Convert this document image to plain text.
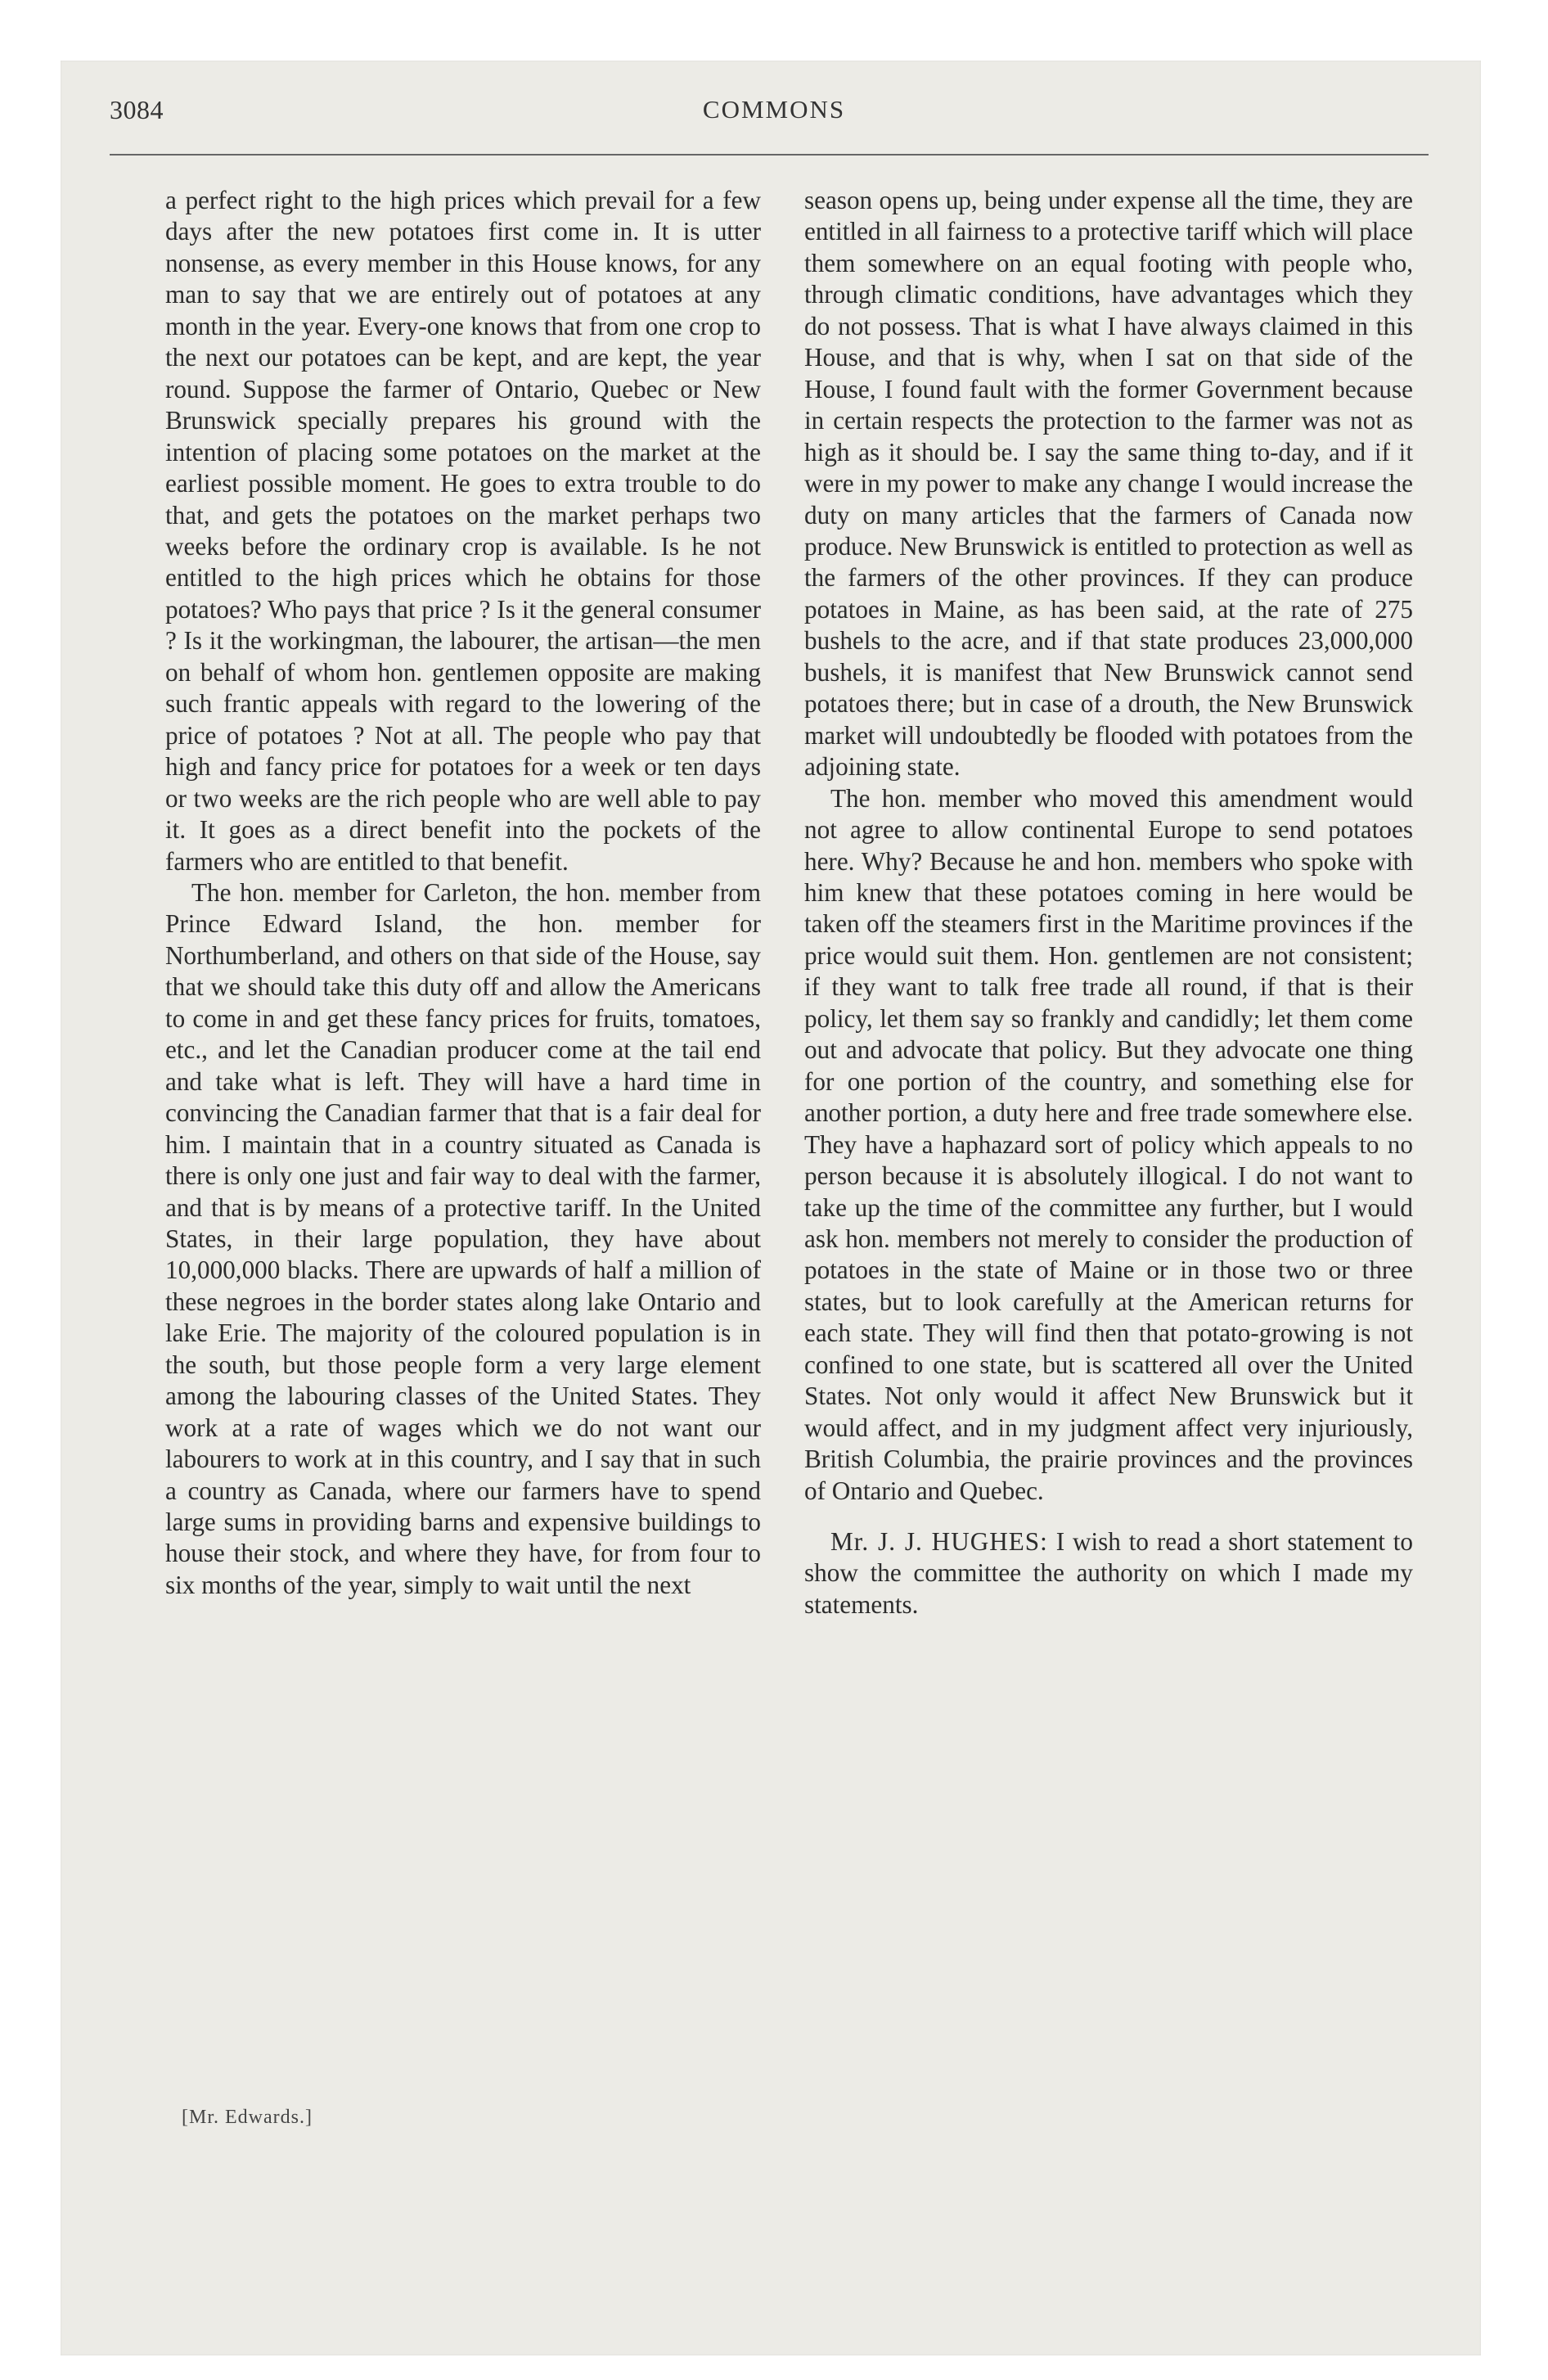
3084	COMMONS

a perfect right to the high prices which prevail for a few days after the new potatoes first come in. It is utter nonsense, as every member in this House knows, for any man to say that we are entirely out of potatoes at any month in the year. Every-one knows that from one crop to the next our potatoes can be kept, and are kept, the year round. Suppose the farmer of Ontario, Quebec or New Brunswick specially prepares his ground with the intention of placing some potatoes on the market at the earliest possible moment. He goes to extra trouble to do that, and gets the potatoes on the market perhaps two weeks before the ordinary crop is available. Is he not entitled to the high prices which he obtains for those potatoes? Who pays that price ? Is it the general consumer ? Is it the workingman, the labourer, the artisan—the men on behalf of whom hon. gentlemen opposite are making such frantic appeals with regard to the lowering of the price of potatoes ? Not at all. The people who pay that high and fancy price for potatoes for a week or ten days or two weeks are the rich people who are well able to pay it. It goes as a direct benefit into the pockets of the farmers who are entitled to that benefit.

The hon. member for Carleton, the hon. member from Prince Edward Island, the hon. member for Northumberland, and others on that side of the House, say that we should take this duty off and allow the Americans to come in and get these fancy prices for fruits, tomatoes, etc., and let the Canadian producer come at the tail end and take what is left. They will have a hard time in convincing the Canadian farmer that that is a fair deal for him. I maintain that in a country situated as Canada is there is only one just and fair way to deal with the farmer, and that is by means of a protective tariff. In the United States, in their large population, they have about 10,000,000 blacks. There are upwards of half a million of these negroes in the border states along lake Ontario and lake Erie. The majority of the coloured population is in the south, but those people form a very large element among the labouring classes of the United States. They work at a rate of wages which we do not want our labourers to work at in this country, and I say that in such a country as Canada, where our farmers have to spend large sums in providing barns and expensive buildings to house their stock, and where they have, for from four to six months of the year, simply to wait until the next

[Mr. Edwards.]

season opens up, being under expense all the time, they are entitled in all fairness to a protective tariff which will place them somewhere on an equal footing with people who, through climatic conditions, have advantages which they do not possess. That is what I have always claimed in this House, and that is why, when I sat on that side of the House, I found fault with the former Government because in certain respects the protection to the farmer was not as high as it should be. I say the same thing to-day, and if it were in my power to make any change I would increase the duty on many articles that the farmers of Canada now produce. New Brunswick is entitled to protection as well as the farmers of the other provinces. If they can produce potatoes in Maine, as has been said, at the rate of 275 bushels to the acre, and if that state produces 23,000,000 bushels, it is manifest that New Brunswick cannot send potatoes there; but in case of a drouth, the New Brunswick market will undoubtedly be flooded with potatoes from the adjoining state.

The hon. member who moved this amendment would not agree to allow continental Europe to send potatoes here. Why? Because he and hon. members who spoke with him knew that these potatoes coming in here would be taken off the steamers first in the Maritime provinces if the price would suit them. Hon. gentlemen are not consistent; if they want to talk free trade all round, if that is their policy, let them say so frankly and candidly; let them come out and advocate that policy. But they advocate one thing for one portion of the country, and something else for another portion, a duty here and free trade somewhere else. They have a haphazard sort of policy which appeals to no person because it is absolutely illogical. I do not want to take up the time of the committee any further, but I would ask hon. members not merely to consider the production of potatoes in the state of Maine or in those two or three states, but to look carefully at the American returns for each state. They will find then that potato-growing is not confined to one state, but is scattered all over the United States. Not only would it affect New Brunswick but it would affect, and in my judgment affect very injuriously, British Columbia, the prairie provinces and the provinces of Ontario and Quebec.

Mr. J. J. HUGHES: I wish to read a short statement to show the committee the authority on which I made my statements.
